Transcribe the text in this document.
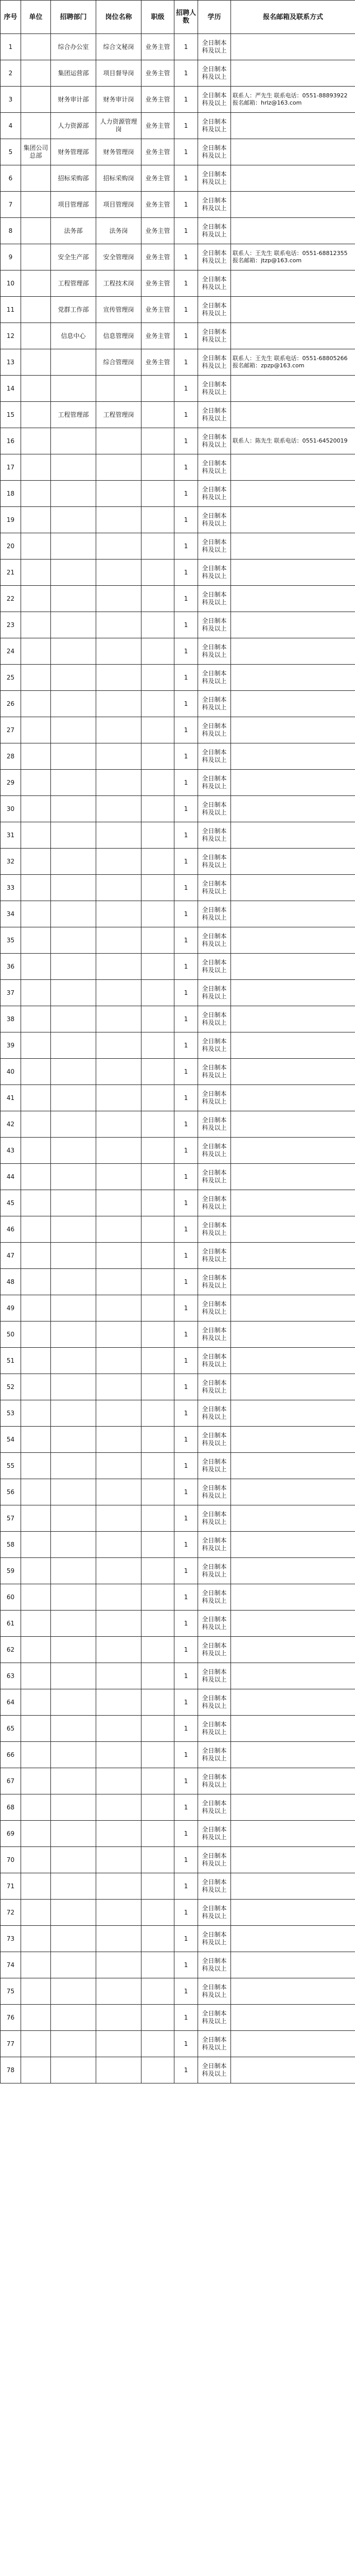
序号	单位	招聘部门	岗位名称	职级	招聘人数	学历	报名邮箱及联系方式
1		综合办公室	综合文秘岗	业务主管	1	全日制本科及以上	
2		集团运营部	项目督导岗	业务主管	1	全日制本科及以上	
3		财务审计部	财务审计岗	业务主管	1	全日制本科及以上	联系人：严先生 联系电话：0551-88893922 报名邮箱：hrlz@163.com
4		人力资源部	人力资源管理岗	业务主管	1	全日制本科及以上	
5	集团公司总部	财务管理部	财务管理岗	业务主管	1	全日制本科及以上	
6		招标采购部	招标采购岗	业务主管	1	全日制本科及以上	
7		项目管理部	项目管理岗	业务主管	1	全日制本科及以上	
8		法务部	法务岗	业务主管	1	全日制本科及以上	
9		安全生产部	安全管理岗	业务主管	1	全日制本科及以上	联系人：王先生 联系电话：0551-68812355 报名邮箱：jtzp@163.com
10		工程管理部	工程技术岗	业务主管	1	全日制本科及以上	
11		党群工作部	宣传管理岗	业务主管	1	全日制本科及以上	
12		信息中心	信息管理岗	业务主管	1	全日制本科及以上	
13			综合管理岗	业务主管	1	全日制本科及以上	联系人：王先生 联系电话：0551-68805266 报名邮箱：zpzp@163.com
14					1	全日制本科及以上	
15		工程管理部	工程管理岗		1	全日制本科及以上	
16					1	全日制本科及以上	联系人：陈先生 联系电话：0551-64520019
17					1	全日制本科及以上	
18					1	全日制本科及以上	
19					1	全日制本科及以上	
20					1	全日制本科及以上	
21					1	全日制本科及以上	
22					1	全日制本科及以上	
23					1	全日制本科及以上	
24					1	全日制本科及以上	
25					1	全日制本科及以上	
26					1	全日制本科及以上	
27					1	全日制本科及以上	
28					1	全日制本科及以上	
29					1	全日制本科及以上	
30					1	全日制本科及以上	
31					1	全日制本科及以上	
32					1	全日制本科及以上	
33					1	全日制本科及以上	
34					1	全日制本科及以上	
35					1	全日制本科及以上	
36					1	全日制本科及以上	
37					1	全日制本科及以上	
38					1	全日制本科及以上	
39					1	全日制本科及以上	
40					1	全日制本科及以上	
41					1	全日制本科及以上	
42					1	全日制本科及以上	
43					1	全日制本科及以上	
44					1	全日制本科及以上	
45					1	全日制本科及以上	
46					1	全日制本科及以上	
47					1	全日制本科及以上	
48					1	全日制本科及以上	
49					1	全日制本科及以上	
50					1	全日制本科及以上	
51					1	全日制本科及以上	
52					1	全日制本科及以上	
53					1	全日制本科及以上	
54					1	全日制本科及以上	
55					1	全日制本科及以上	
56					1	全日制本科及以上	
57					1	全日制本科及以上	
58					1	全日制本科及以上	
59					1	全日制本科及以上	
60					1	全日制本科及以上	
61					1	全日制本科及以上	
62					1	全日制本科及以上	
63					1	全日制本科及以上	
64					1	全日制本科及以上	
65					1	全日制本科及以上	
66					1	全日制本科及以上	
67					1	全日制本科及以上	
68					1	全日制本科及以上	
69					1	全日制本科及以上	
70					1	全日制本科及以上	
71					1	全日制本科及以上	
72					1	全日制本科及以上	
73					1	全日制本科及以上	
74					1	全日制本科及以上	
75					1	全日制本科及以上	
76					1	全日制本科及以上	
77					1	全日制本科及以上	
78					1	全日制本科及以上	
